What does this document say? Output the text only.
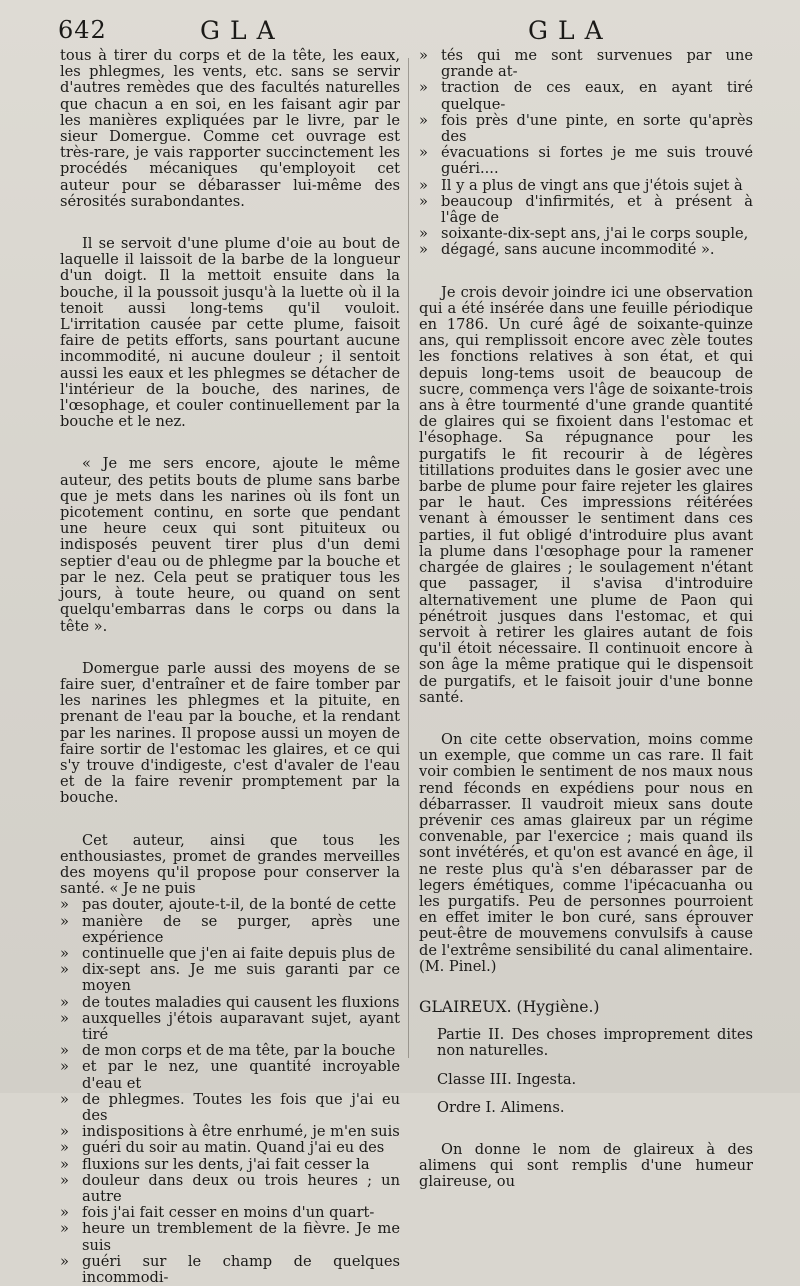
642	GLA	GLA

tous à tirer du corps et de la tête, les eaux, les phlegmes, les vents, etc. sans se servir d'autres remèdes que des facultés naturelles que chacun a en soi, en les faisant agir par les manières expliquées par le livre, par le sieur Domergue. Comme cet ouvrage est très-rare, je vais rapporter succinctement les procédés mécaniques qu'employoit cet auteur pour se débarasser lui-même des sérosités surabondantes.

Il se servoit d'une plume d'oie au bout de laquelle il laissoit de la barbe de la longueur d'un doigt. Il la mettoit ensuite dans la bouche, il la poussoit jusqu'à la luette où il la tenoit aussi long-tems qu'il vouloit. L'irritation causée par cette plume, faisoit faire de petits efforts, sans pourtant aucune incommodité, ni aucune douleur ; il sentoit aussi les eaux et les phlegmes se détacher de l'intérieur de la bouche, des narines, de l'œsophage, et couler continuellement par la bouche et le nez.

« Je me sers encore, ajoute le même auteur, des petits bouts de plume sans barbe que je mets dans les narines où ils font un picotement continu, en sorte que pendant une heure ceux qui sont pituiteux ou indisposés peuvent tirer plus d'un demi septier d'eau ou de phlegme par la bouche et par le nez. Cela peut se pratiquer tous les jours, à toute heure, ou quand on sent quelqu'embarras dans le corps ou dans la tête ».

Domergue parle aussi des moyens de se faire suer, d'entraîner et de faire tomber par les narines les phlegmes et la pituite, en prenant de l'eau par la bouche, et la rendant par les narines. Il propose aussi un moyen de faire sortir de l'estomac les glaires, et ce qui s'y trouve d'indigeste, c'est d'avaler de l'eau et de la faire revenir promptement par la bouche.

Cet auteur, ainsi que tous les enthousiastes, promet de grandes merveilles des moyens qu'il propose pour conserver la santé. « Je ne puis

» pas douter, ajoute-t-il, de la bonté de cette

» manière de se purger, après une expérience

» continuelle que j'en ai faite depuis plus de

» dix-sept ans. Je me suis garanti par ce moyen

» de toutes maladies qui causent les fluxions

» auxquelles j'étois auparavant sujet, ayant tiré

» de mon corps et de ma tête, par la bouche

» et par le nez, une quantité incroyable d'eau et

» de phlegmes. Toutes les fois que j'ai eu des

» indispositions à être enrhumé, je m'en suis

» guéri du soir au matin. Quand j'ai eu des

» fluxions sur les dents, j'ai fait cesser la

» douleur dans deux ou trois heures ; un autre

» fois j'ai fait cesser en moins d'un quart-

» heure un tremblement de la fièvre. Je me suis

» guéri sur le champ de quelques incommodi-

» tés qui me sont survenues par une grande at-

» traction de ces eaux, en ayant tiré quelque-

» fois près d'une pinte, en sorte qu'après des

» évacuations si fortes je me suis trouvé guéri....

» Il y a plus de vingt ans que j'étois sujet à

» beaucoup d'infirmités, et à présent à l'âge de

» soixante-dix-sept ans, j'ai le corps souple,

» dégagé, sans aucune incommodité ».

Je crois devoir joindre ici une observation qui a été insérée dans une feuille périodique en 1786. Un curé âgé de soixante-quinze ans, qui remplissoit encore avec zèle toutes les fonctions relatives à son état, et qui depuis long-tems usoit de beaucoup de sucre, commença vers l'âge de soixante-trois ans à être tourmenté d'une grande quantité de glaires qui se fixoient dans l'estomac et l'ésophage. Sa répugnance pour les purgatifs le fit recourir à de légères titillations produites dans le gosier avec une barbe de plume pour faire rejeter les glaires par le haut. Ces impressions réitérées venant à émousser le sentiment dans ces parties, il fut obligé d'introduire plus avant la plume dans l'œsophage pour la ramener chargée de glaires ; le soulagement n'étant que passager, il s'avisa d'introduire alternativement une plume de Paon qui pénétroit jusques dans l'estomac, et qui servoit à retirer les glaires autant de fois qu'il étoit nécessaire. Il continuoit encore à son âge la même pratique qui le dispensoit de purgatifs, et le faisoit jouir d'une bonne santé.

On cite cette observation, moins comme un exemple, que comme un cas rare. Il fait voir combien le sentiment de nos maux nous rend féconds en expédiens pour nous en débarrasser. Il vaudroit mieux sans doute prévenir ces amas glaireux par un régime convenable, par l'exercice ; mais quand ils sont invétérés, et qu'on est avancé en âge, il ne reste plus qu'à s'en débarasser par de legers émétiques, comme l'ipécacuanha ou les purgatifs. Peu de personnes pourroient en effet imiter le bon curé, sans éprouver peut-être de mouvemens convulsifs à cause de l'extrême sensibilité du canal alimentaire. (M. Pinel.)

GLAIREUX. (Hygiène.)

Partie II. Des choses improprement dites non naturelles.

Classe III. Ingesta.

Ordre I. Alimens.

On donne le nom de glaireux à des alimens qui sont remplis d'une humeur glaireuse, ou
